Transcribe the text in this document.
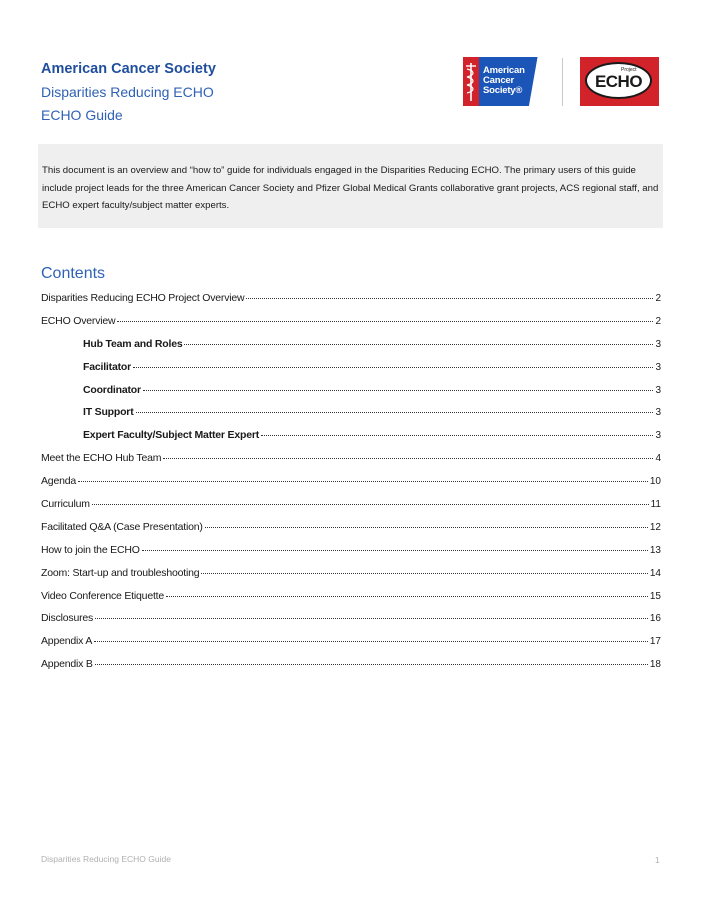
American Cancer Society
Disparities Reducing ECHO
ECHO Guide
American
Cancer
Society®
Project
ECHO
This document is an overview and “how to” guide for individuals engaged in the Disparities Reducing ECHO. The primary users of this guide include project leads for the three American Cancer Society and Pfizer Global Medical Grants collaborative grant projects, ACS regional staff, and ECHO expert faculty/subject matter experts.
Contents
Disparities Reducing ECHO Project Overview	2
ECHO Overview	2
Hub Team and Roles	3
Facilitator	3
Coordinator	3
IT Support	3
Expert Faculty/Subject Matter Expert	3
Meet the ECHO Hub Team	4
Agenda	10
Curriculum	11
Facilitated Q&A (Case Presentation)	12
How to join the ECHO	13
Zoom: Start-up and troubleshooting	14
Video Conference Etiquette	15
Disclosures	16
Appendix A	17
Appendix B	18
Disparities Reducing ECHO Guide	1
